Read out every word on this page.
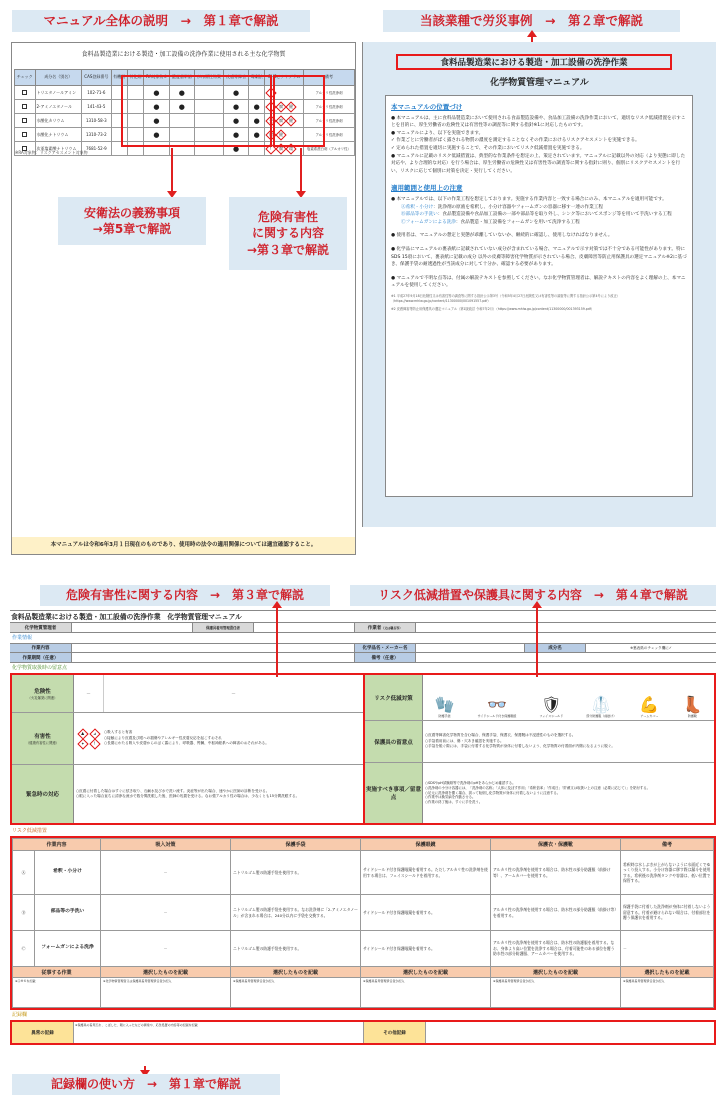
マニュアル全体の説明　→　第１章で解説	当該業種で労災事例　→　第２章で解説
食料品製造業における製造・加工設備の洗浄作業に使用される主な化学物質
チェック	成分名（別名）	CAS登録番号	有機則	特化則	RA対象物※	濃度基準値	がん原性物質	皮膚等障害	毒劇法	GHSピクトグラム	備考
	トリエタノールアミン	102-71-6			●	●		●		!	アルカリ性洗浄剤
	2-アミノエタノール	141-43-5			●	●		●	●	! 腐 健	アルカリ性洗浄剤
	水酸化カリウム	1310-58-3			●			●	●	金 腐 健	アルカリ性洗浄剤
	水酸化ナトリウム	1310-73-2			●			●	●	腐 健	アルカリ性洗浄剤
	次亜塩素酸ナトリウム	7681-52-9						●		! 腐 環	塩素系漂白剤（アルカリ性）
※RA対象物：リスクアセスメント対象物
本マニュアルは令和6年3月１日現在のものであり、使用時の法令の適用関係については適宜確認すること。
安衛法の義務事項
→第5章で解説
危険有害性
に関する内容
→第３章で解説
食料品製造業における製造・加工設備の洗浄作業
化学物質管理マニュアル
本マニュアルの位置づけ

● 本マニュアルは、主に食料品製造業において使用される食品製造設備や、食品加工設備の洗浄作業において、適切なリスク低減措置を示すことを目的に、厚生労働省の危険性又は有害性等の調査等に関する指針※1に対応したものです。

● マニュアルにより、以下を実施できます。

✓ 作業ごとに労働者がばく露される物質の濃度を測定することなくその作業におけるリスクアセスメントを実施できる。

✓ 定められた措置を適切に実施することで、その作業においてリスク低減措置を実施できる。

● マニュアルに記載のリスク低減措置は、典型的な作業条件を想定の上、策定されています。マニュアルに記載以外の対応（より実態に即した対応や、より合理的な対応）を行う場合は、厚生労働省の危険性又は有害性等の調査等に関する指針に則り、個別にリスクアセスメントを行い、リスクに応じて個別に対策を決定・実行してください。

適用範囲と使用上の注意

● 本マニュアルでは、以下の作業工程を想定しております。実施する作業内容と一致する場合にのみ、本マニュアルを適用可能です。

Ⓐ希釈・小分け：洗浄剤の原液を希釈し、小分け容器やフォームガンの容器に移す一連の作業工程

Ⓑ部品等の手洗い：食品製造設備や食品加工設備の一部や部品等を取り外し、シンク等においてスポンジ等を用いて手洗いする工程

Ⓒフォームガンによる洗浄：食品製造・加工設備をフォームガンを用いて洗浄する工程

● 使用者は、マニュアルの想定と実態が乖離していないか、継続的に確認し、使用しなければなりません。

● 化学品にマニュアルの裏表紙に記載されていない成分が含まれている場合、マニュアルで示す対策では不十分である可能性があります。特にSDS 15項において、裏表紙に記載の成分 以外の皮膚等障害化学物質が示されている場合、皮膚障害等防止用保護具の選定マニュアル※2に基づき、保護手袋の耐透過性が当該成分に対して十分か、確認する必要があります。

● マニュアルで不明な点等は、付属の解説テキストを参照してください。なお化学物質管理者は、解説テキストの内容をよく理解の上、本マニュアルを使用してください。

※1 平成27年9月18日危険性又は有害性等の調査等に関する指針公示第3号（令和5年4月27日危険性又は有害性等の調査等に関する指針公示第4号により改正）（https://www.mhlw.go.jp/content/11300000/001091557.pdf）

※2 皮膚障害等防止用保護具の選定マニュアル（第1版改訂 令和7年2月）（https://www.mhlw.go.jp/content/11300000/001393159.pdf）

危険有害性に関する内容　→　第３章で解説	リスク低減措置や保護具に関する内容　→　第４章で解説
食料品製造業における製造・加工設備の洗浄作業　化学物質管理マニュアル
化学物質管理者	保護具着用管理責任者	作業者 （又は職長等）
作業情報
作業内容	化学品名・メーカー名	成分名	※裏表紙のチェック欄に✓
作業期間（任意）	備考（任意）
化学物質取扱時の留意点
危険性
（火災爆発に関連）
－	－
有害性
（健康有害性に関連）
▲	⊿
✦	!
○吸入すると有害
○接触により皮膚及び眼への損傷やアレルギー性皮膚反応を起こすおそれ
○長期にわたる吸入や皮膚からのばく露により、呼吸器、腎臓、中枢神経系への障害のおそれがある。
緊急時の対応
○皮膚に付着した場合はすぐに拭き取り、石鹸水及び水で洗い流す。炎症等が出た場合、速やかに医師の診断を受ける。
○眼に入った場合直ちに清浄な流水で数分間洗眼した後、医師の処置を受ける。なお強アルカリ性の場合は、少なくとも15分間洗眼する。
リスク低減対策	🧤
防護手袋
👓
サイドシールド付き保護眼鏡
🛡
フェイスシールド
🥼
部分防護服（前掛け）
💪
アームカバー
👢
防護靴
保護具の留意点
○皮膚等障害化学物質を含む場合、保護手袋、保護衣、保護靴は不浸透性のものを選択する。
○手袋着用前には、傷・穴あき確認を実施する。
○手袋を脱ぐ際には、手袋に付着する化学物質が身体に付着しないよう、化学物質の付着面が内側になるように脱ぐ。
実施すべき事項／留意点
○SDSやpH試験紙等で洗浄剤のpHをあらかじめ確認する。
○洗浄剤の小分け容器には、「洗浄剤の名称」「人体に及ぼす作用」「希釈倍率」「作成日」「貯蔵又は取扱い上の注意（必要に応じて）」を貼付する。
○足元に洗浄剤を撒く場合、誤って転倒し化学物質が身体に付着しないように注意する。
○作業中は換気扇を作動させる。
○作業の終了後は、すぐに手を洗う。
リスク低減措置
作業内容		吸入対策	保護手袋	保護眼鏡	保護衣・保護靴	備考
Ⓐ	希釈・小分け	－	ニトリルゴム製の防護手袋を使用する。	サイドシールド付き保護眼鏡を着用する。ただしアルカリ性の洗浄剤を使用する場合は、フェイスシールドを着用する。	アルカリ性の洗浄剤を使用する場合は、防水性の部分防護服（前掛け等）、アームカバーを使用する。	希釈時は水しぶきが上がらないように水面近くでゆっくり投入する。小分け容器に移す際は漏斗を使用する。希釈後の洗浄剤タンクや容器は、低い位置で保管する。
Ⓑ	部品等の手洗い	－	ニトリルゴム製の防護手袋を使用する。なお洗浄剤に「2-アミノエタノール」が含まれる場合は、240分以内に手袋を交換する。	サイドシールド付き保護眼鏡を着用する。	アルカリ性の洗浄剤を使用する場合は、防水性の部分防護服（前掛け等）を着用する。	保護手袋に付着した洗浄剤が身体に付着しないよう留意する。付着が避けられない場合は、付着部位を覆う保護衣を着用する。
Ⓒ	フォームガンによる洗浄	－	ニトリルゴム製の防護手袋を使用する。	サイドシールド付き保護眼鏡を着用する。	アルカリ性の洗浄剤を使用する場合は、防水性の防護服を着用する。なお、身体より高い位置を洗浄する場合は、付着可能性のある部位を覆う防水性の部分防護服、アームカバーを使用する。	－
従事する作業		選択したものを記載	選択したものを記載	選択したものを記載	選択したものを記載	選択したものを記載
※Ⓐ®©を記載		※化学物質管理者又は保護具着用管理責任者が記入	※保護具着用管理責任者が記入	※保護具着用管理責任者が記入	※保護具着用管理責任者が記入	※保護具着用管理責任者が記入
記録欄
異常の記録
※保護具の着用忘れ、こぼした、眼に入ったなどの異常や、応急処置の内容等の記録を記載
その他記録
記録欄の使い方　→　第１章で解説
